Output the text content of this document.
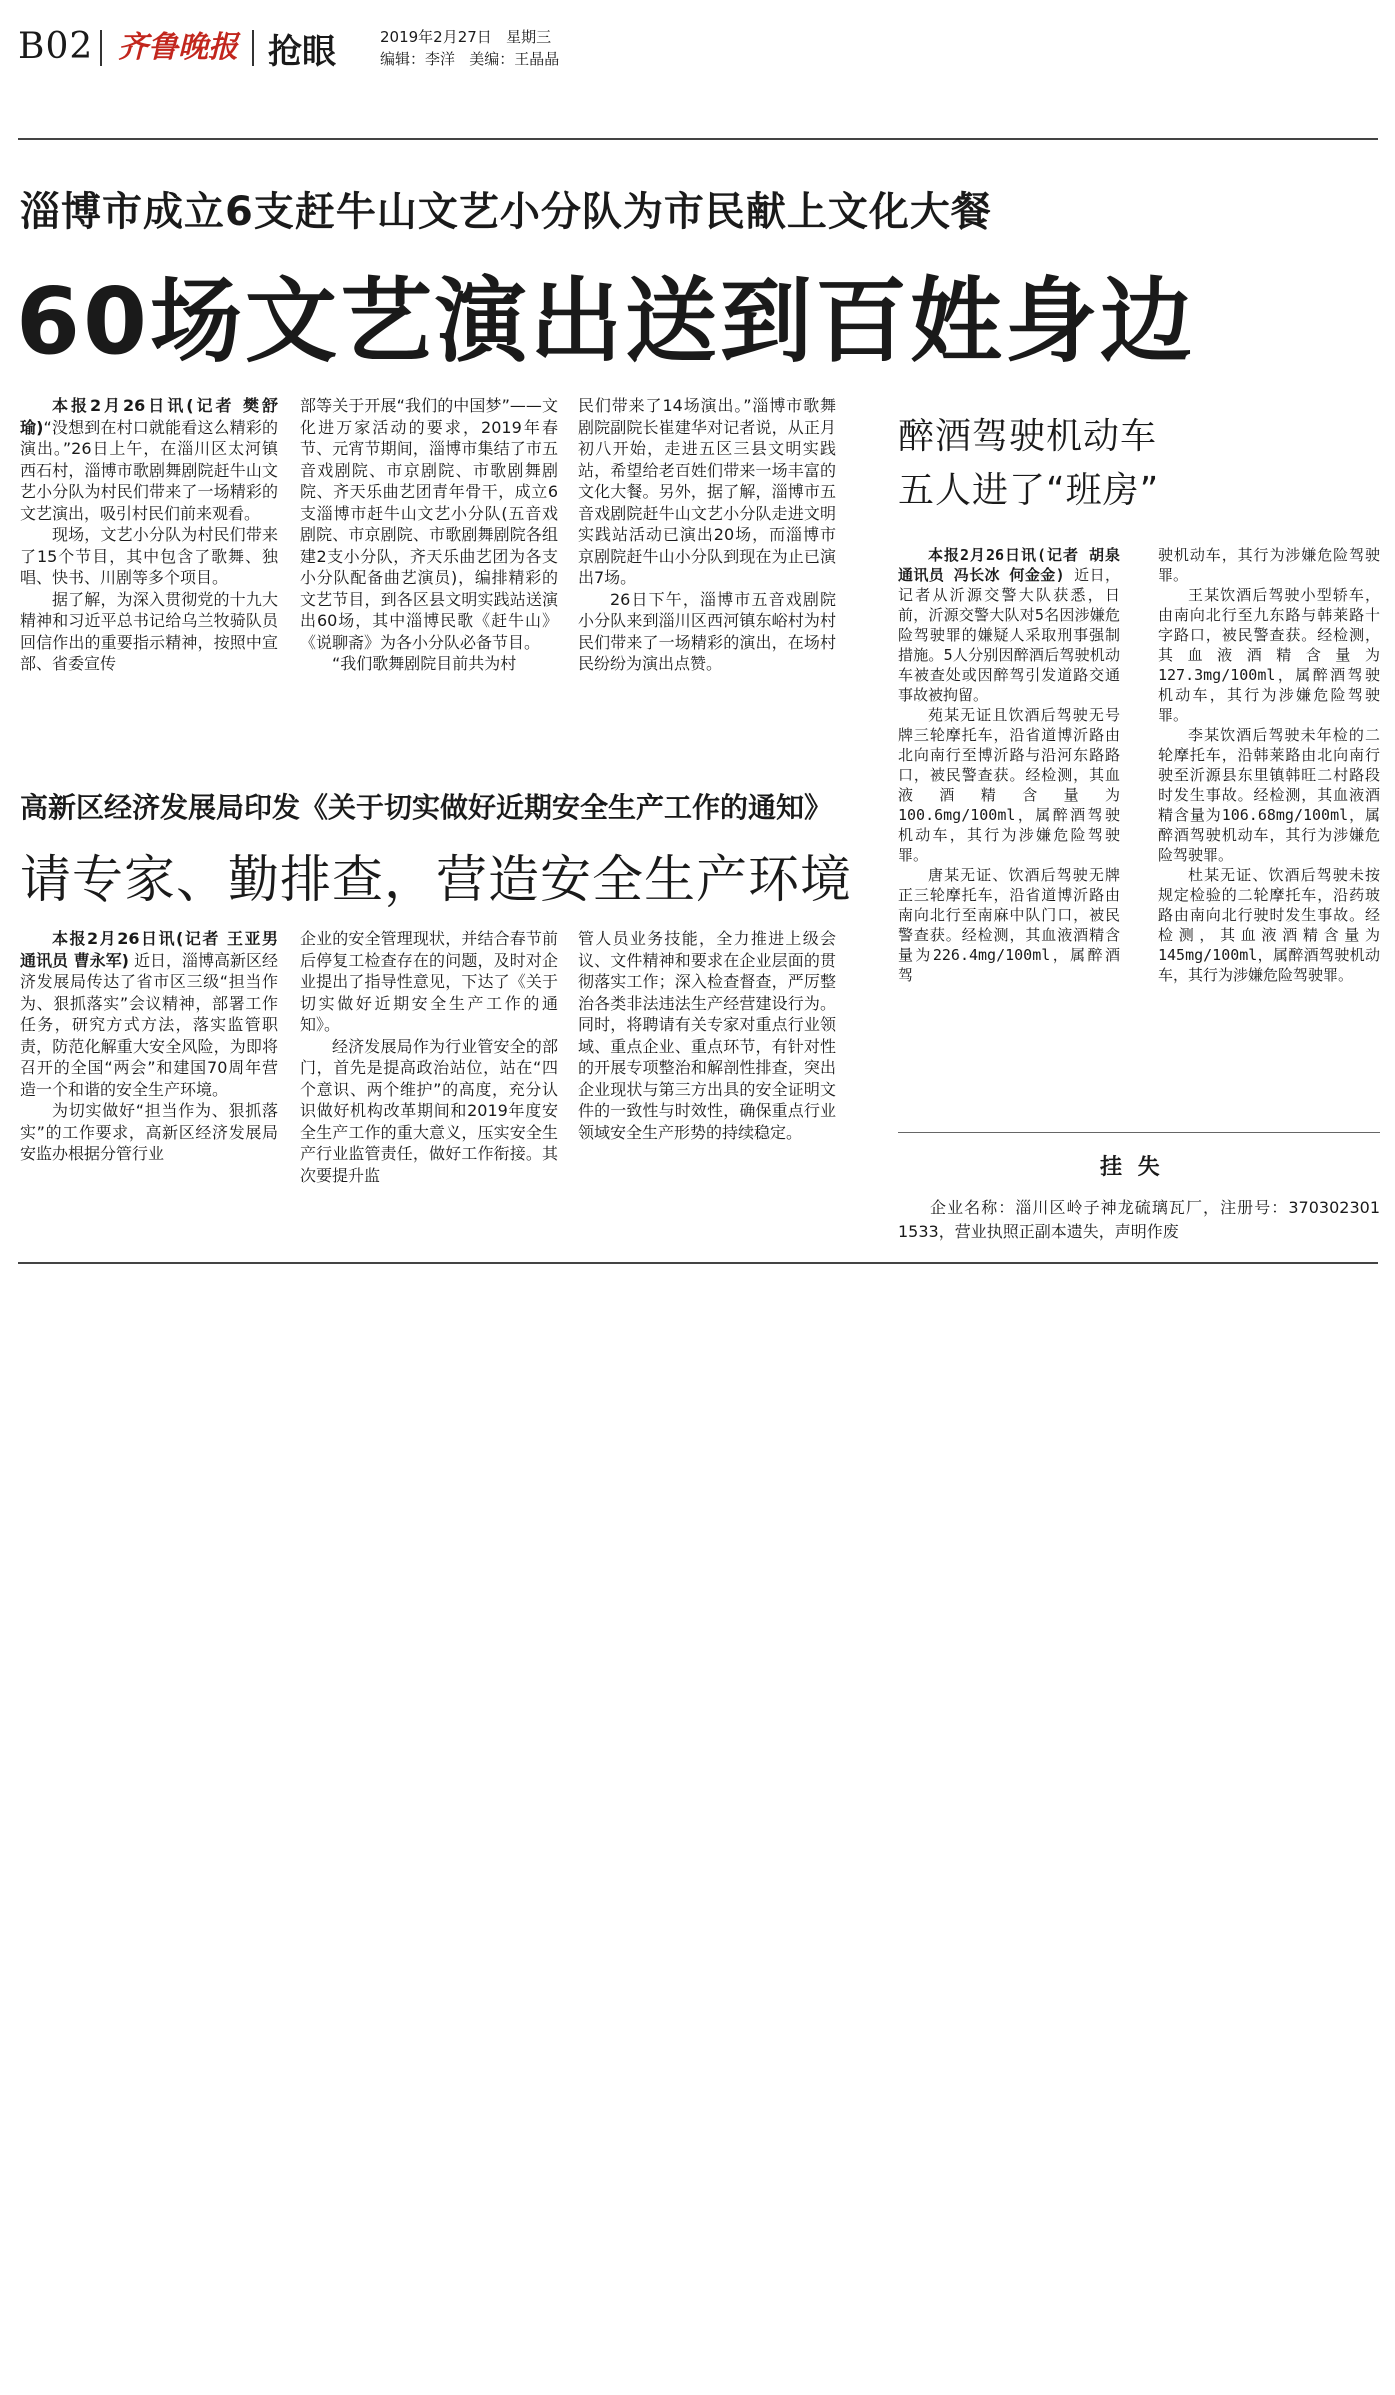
B02 齐鲁晚报 抢眼	2019年2月27日   星期三
编辑：李洋   美编：王晶晶
淄博市成立6支赶牛山文艺小分队为市民献上文化大餐
60场文艺演出送到百姓身边

本报2月26日讯(记者 樊舒瑜)“没想到在村口就能看这么精彩的演出。”26日上午，在淄川区太河镇西石村，淄博市歌剧舞剧院赶牛山文艺小分队为村民们带来了一场精彩的文艺演出，吸引村民们前来观看。

现场，文艺小分队为村民们带来了15个节目，其中包含了歌舞、独唱、快书、川剧等多个项目。

据了解，为深入贯彻党的十九大精神和习近平总书记给乌兰牧骑队员回信作出的重要指示精神，按照中宣部、省委宣传

部等关于开展“我们的中国梦”——文化进万家活动的要求，2019年春节、元宵节期间，淄博市集结了市五音戏剧院、市京剧院、市歌剧舞剧院、齐天乐曲艺团青年骨干，成立6支淄博市赶牛山文艺小分队(五音戏剧院、市京剧院、市歌剧舞剧院各组建2支小分队，齐天乐曲艺团为各支小分队配备曲艺演员)，编排精彩的文艺节目，到各区县文明实践站送演出60场，其中淄博民歌《赶牛山》《说聊斋》为各小分队必备节目。

“我们歌舞剧院目前共为村

民们带来了14场演出。”淄博市歌舞剧院副院长崔建华对记者说，从正月初八开始，走进五区三县文明实践站，希望给老百姓们带来一场丰富的文化大餐。另外，据了解，淄博市五音戏剧院赶牛山文艺小分队走进文明实践站活动已演出20场，而淄博市京剧院赶牛山小分队到现在为止已演出7场。

26日下午，淄博市五音戏剧院小分队来到淄川区西河镇东峪村为村民们带来了一场精彩的演出，在场村民纷纷为演出点赞。

高新区经济发展局印发《关于切实做好近期安全生产工作的通知》
请专家、勤排查，营造安全生产环境

本报2月26日讯(记者 王亚男 通讯员 曹永军) 近日，淄博高新区经济发展局传达了省市区三级“担当作为、狠抓落实”会议精神，部署工作任务，研究方式方法，落实监管职责，防范化解重大安全风险，为即将召开的全国“两会”和建国70周年营造一个和谐的安全生产环境。

为切实做好“担当作为、狠抓落实”的工作要求，高新区经济发展局安监办根据分管行业

企业的安全管理现状，并结合春节前后停复工检查存在的问题，及时对企业提出了指导性意见，下达了《关于切实做好近期安全生产工作的通知》。

经济发展局作为行业管安全的部门，首先是提高政治站位，站在“四个意识、两个维护”的高度，充分认识做好机构改革期间和2019年度安全生产工作的重大意义，压实安全生产行业监管责任，做好工作衔接。其次要提升监

管人员业务技能，全力推进上级会议、文件精神和要求在企业层面的贯彻落实工作；深入检查督查，严厉整治各类非法违法生产经营建设行为。同时，将聘请有关专家对重点行业领域、重点企业、重点环节，有针对性的开展专项整治和解剖性排查，突出企业现状与第三方出具的安全证明文件的一致性与时效性，确保重点行业领域安全生产形势的持续稳定。

醉酒驾驶机动车
五人进了“班房”

本报2月26日讯(记者 胡泉 通讯员 冯长冰 何金金) 近日，记者从沂源交警大队获悉，日前，沂源交警大队对5名因涉嫌危险驾驶罪的嫌疑人采取刑事强制措施。5人分别因醉酒后驾驶机动车被查处或因醉驾引发道路交通事故被拘留。

苑某无证且饮酒后驾驶无号牌三轮摩托车，沿省道博沂路由北向南行至博沂路与沿河东路路口，被民警查获。经检测，其血液酒精含量为100.6mg/100ml，属醉酒驾驶机动车，其行为涉嫌危险驾驶罪。

唐某无证、饮酒后驾驶无牌正三轮摩托车，沿省道博沂路由南向北行至南麻中队门口，被民警查获。经检测，其血液酒精含量为226.4mg/100ml，属醉酒驾

驶机动车，其行为涉嫌危险驾驶罪。

王某饮酒后驾驶小型轿车，由南向北行至九东路与韩莱路十字路口，被民警查获。经检测，其血液酒精含量为127.3mg/100ml，属醉酒驾驶机动车，其行为涉嫌危险驾驶罪。

李某饮酒后驾驶未年检的二轮摩托车，沿韩莱路由北向南行驶至沂源县东里镇韩旺二村路段时发生事故。经检测，其血液酒精含量为106.68mg/100ml，属醉酒驾驶机动车，其行为涉嫌危险驾驶罪。

杜某无证、饮酒后驾驶未按规定检验的二轮摩托车，沿药玻路由南向北行驶时发生事故。经检测，其血液酒精含量为145mg/100ml，属醉酒驾驶机动车，其行为涉嫌危险驾驶罪。

挂 失

企业名称：淄川区岭子神龙硫璃瓦厂，注册号：370302301​1533，营业执照正副本遗失，声明作废
